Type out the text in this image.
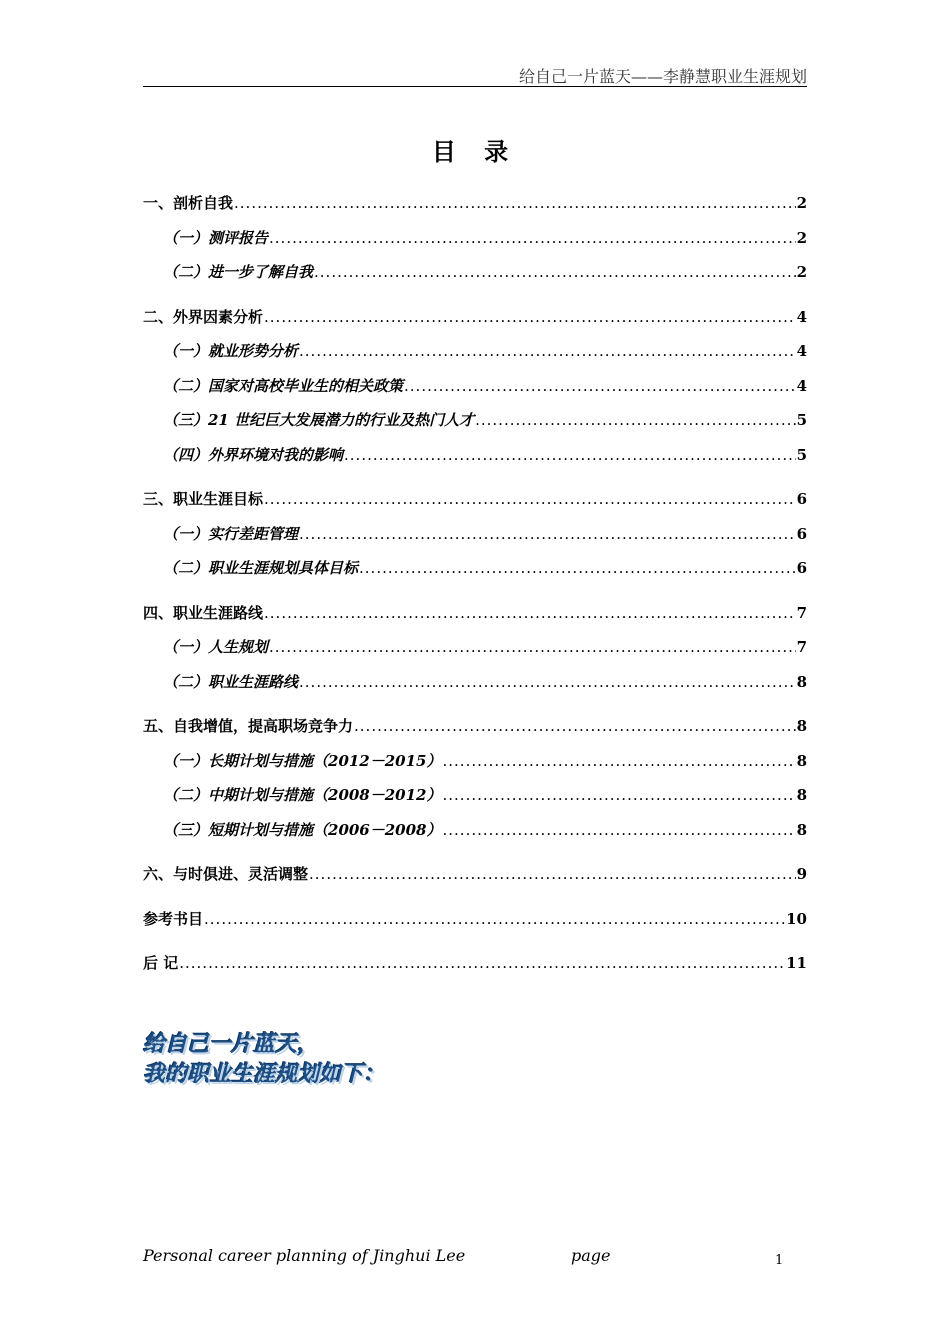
给自己一片蓝天——李静慧职业生涯规划
目 录
一、剖析自我 .....	2
（一）测评报告 .....	2
（二）进一步了解自我 .....	2
二、外界因素分析 .....	4
（一）就业形势分析 .....	4
（二）国家对高校毕业生的相关政策 .....	4
（三）21 世纪巨大发展潜力的行业及热门人才 .....	5
（四）外界环境对我的影响 .....	5
三、职业生涯目标 .....	6
（一）实行差距管理 .....	6
（二）职业生涯规划具体目标 .....	6
四、职业生涯路线 .....	7
（一）人生规划 .....	7
（二）职业生涯路线 .....	8
五、自我增值，提高职场竞争力 .....	8
（一）长期计划与措施（2012－2015） .....	8
（二）中期计划与措施（2008－2012） .....	8
（三）短期计划与措施（2006－2008） .....	8
六、与时俱进、灵活调整 .....	9
参考书目 .....	10
后 记 .....	11
给自己一片蓝天，
我的职业生涯规划如下：
Personal career planning of Jinghui Lee	page	1
